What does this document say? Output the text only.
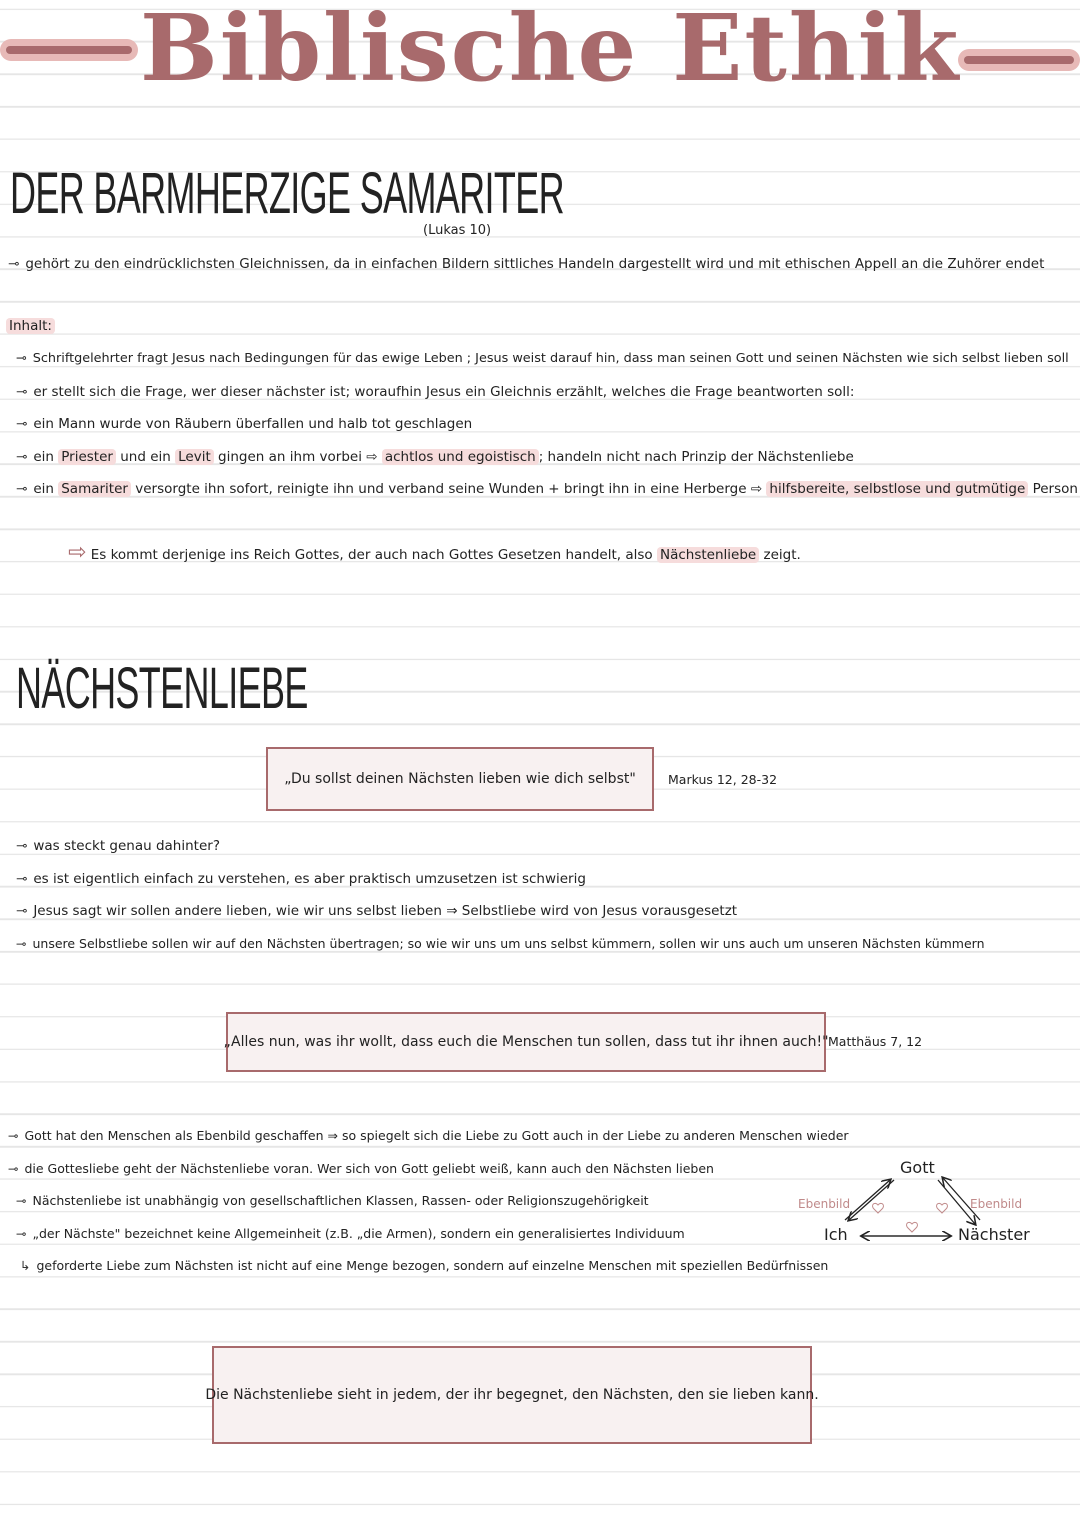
Biblische Ethik
DER BARMHERZIGE SAMARITER
(Lukas 10)
⊸ gehört zu den eindrücklichsten Gleichnissen, da in einfachen Bildern sittliches Handeln dargestellt wird und mit ethischen Appell an die Zuhörer endet
Inhalt:
⊸ Schriftgelehrter fragt Jesus nach Bedingungen für das ewige Leben ; Jesus weist darauf hin, dass man seinen Gott und seinen Nächsten wie sich selbst lieben soll
⊸ er stellt sich die Frage, wer dieser nächster ist; woraufhin Jesus ein Gleichnis erzählt, welches die Frage beantworten soll:
⊸ ein Mann wurde von Räubern überfallen und halb tot geschlagen
⊸ ein Priester und ein Levit gingen an ihm vorbei ⇨ achtlos und egoistisch ; handeln nicht nach Prinzip der Nächstenliebe
⊸ ein Samariter versorgte ihn sofort, reinigte ihn und verband seine Wunden + bringt ihn in eine Herberge ⇨ hilfsbereite, selbstlose und gutmütige Person
⇨ Es kommt derjenige ins Reich Gottes, der auch nach Gottes Gesetzen handelt, also Nächstenliebe zeigt.
NÄCHSTENLIEBE
„Du sollst deinen Nächsten lieben wie dich selbst"	Markus 12, 28-32
⊸ was steckt genau dahinter?
⊸ es ist eigentlich einfach zu verstehen, es aber praktisch umzusetzen ist schwierig
⊸ Jesus sagt wir sollen andere lieben, wie wir uns selbst lieben ⇒ Selbstliebe wird von Jesus vorausgesetzt
⊸ unsere Selbstliebe sollen wir auf den Nächsten übertragen; so wie wir uns um uns selbst kümmern, sollen wir uns auch um unseren Nächsten kümmern
„Alles nun, was ihr wollt, dass euch die Menschen tun sollen, dass tut ihr ihnen auch!" Matthäus 7, 12
⊸ Gott hat den Menschen als Ebenbild geschaffen ⇒ so spiegelt sich die Liebe zu Gott auch in der Liebe zu anderen Menschen wieder
⊸ die Gottesliebe geht der Nächstenliebe voran. Wer sich von Gott geliebt weiß, kann auch den Nächsten lieben
⊸ Nächstenliebe ist unabhängig von gesellschaftlichen Klassen, Rassen- oder Religionszugehörigkeit
⊸ „der Nächste" bezeichnet keine Allgemeinheit (z.B. „die Armen), sondern ein generalisiertes Individuum
↳ geforderte Liebe zum Nächsten ist nicht auf eine Menge bezogen, sondern auf einzelne Menschen mit speziellen Bedürfnissen
Gott
Ich	Nächster
Ebenbild	Ebenbild
Die Nächstenliebe sieht in jedem, der ihr begegnet, den Nächsten, den sie lieben kann.
